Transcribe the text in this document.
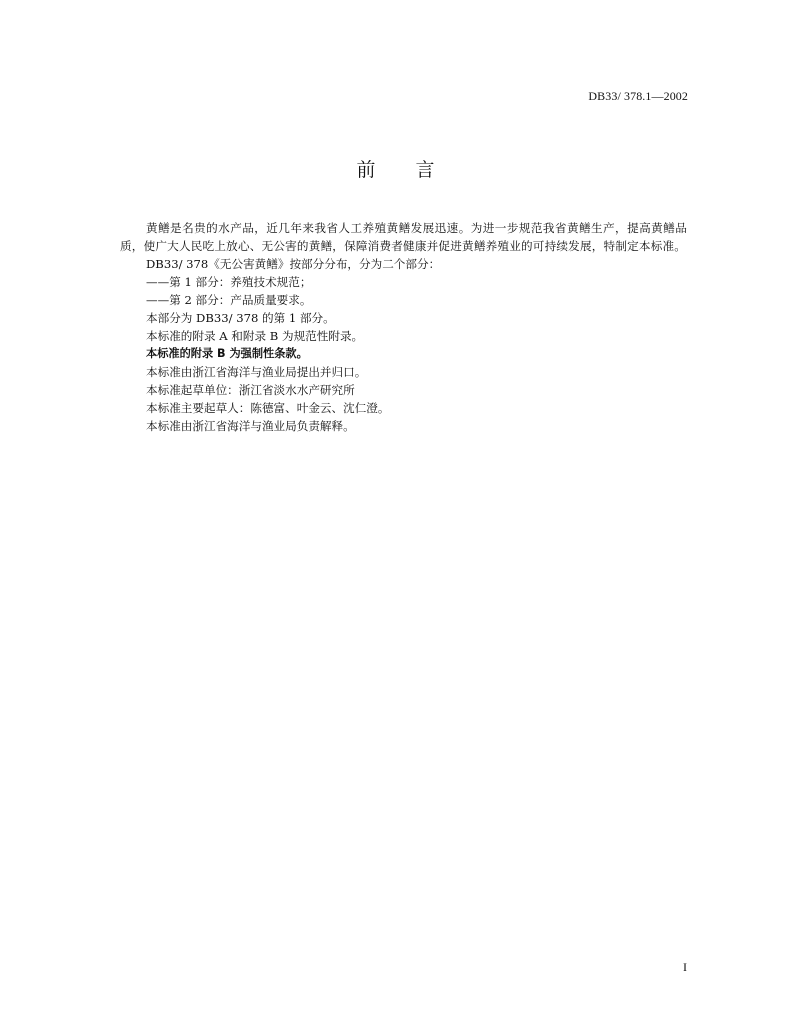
DB33/ 378.1—2002
前言

黄鳝是名贵的水产品，近几年来我省人工养殖黄鳝发展迅速。为进一步规范我省黄鳝生产，提高黄鳝品质，使广大人民吃上放心、无公害的黄鳝，保障消费者健康并促进黄鳝养殖业的可持续发展，特制定本标准。

DB33/ 378《无公害黄鳝》按部分分布，分为二个部分：

——第 1 部分：养殖技术规范；

——第 2 部分：产品质量要求。

本部分为 DB33/ 378 的第 1 部分。

本标准的附录 A 和附录 B 为规范性附录。

本标准的附录 B 为强制性条款。

本标准由浙江省海洋与渔业局提出并归口。

本标准起草单位：浙江省淡水水产研究所

本标准主要起草人：陈德富、叶金云、沈仁澄。

本标准由浙江省海洋与渔业局负责解释。

I
